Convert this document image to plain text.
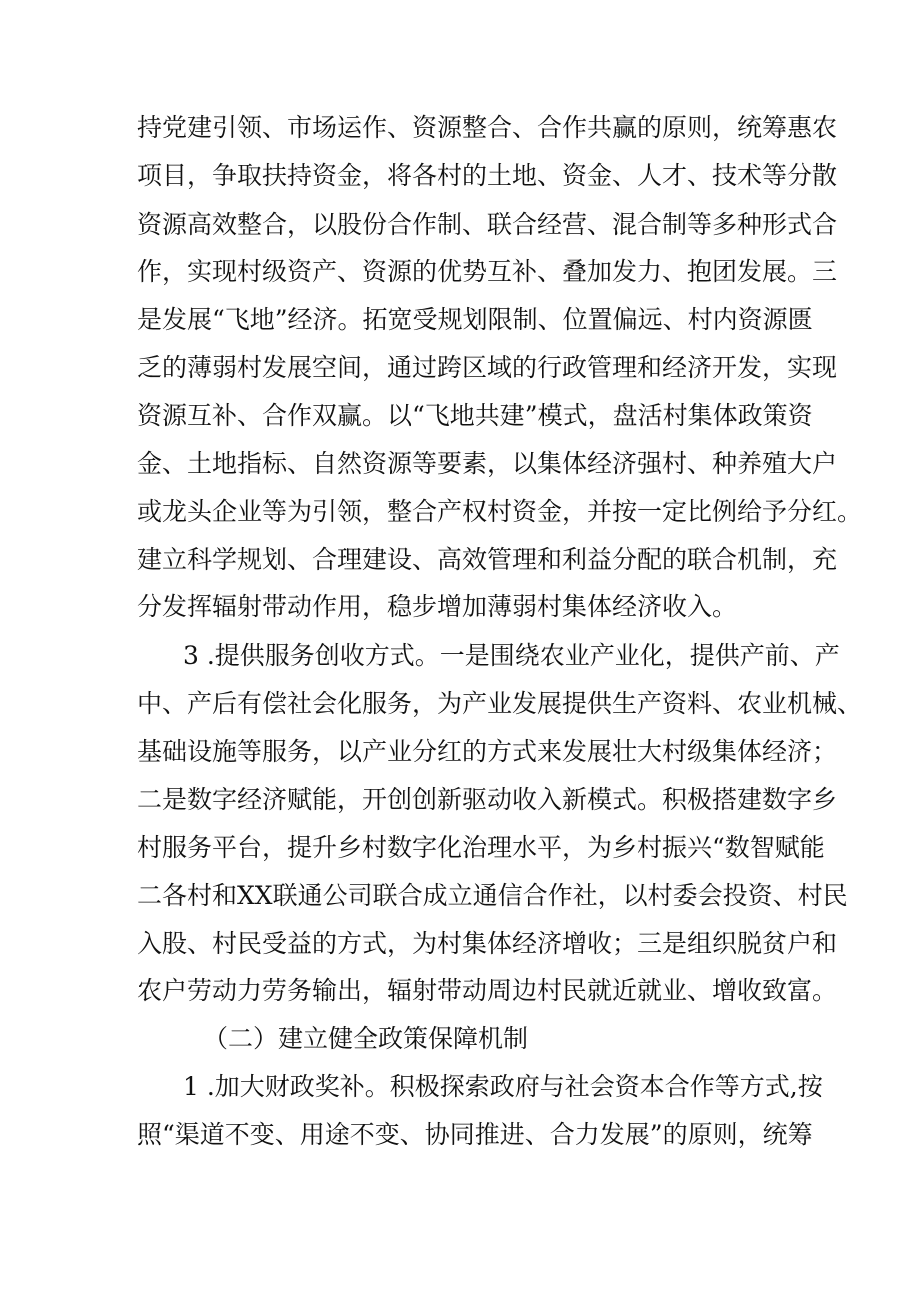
持党建引领、市场运作、资源整合、合作共赢的原则，统筹惠农
项目，争取扶持资金，将各村的土地、资金、人才、技术等分散
资源高效整合，以股份合作制、联合经营、混合制等多种形式合
作，实现村级资产、资源的优势互补、叠加发力、抱团发展。三
是发展“飞地”经济。拓宽受规划限制、位置偏远、村内资源匮
乏的薄弱村发展空间，通过跨区域的行政管理和经济开发，实现
资源互补、合作双赢。以“飞地共建”模式，盘活村集体政策资
金、土地指标、自然资源等要素，以集体经济强村、种养殖大户
或龙头企业等为引领，整合产权村资金，并按一定比例给予分红。
建立科学规划、合理建设、高效管理和利益分配的联合机制，充
分发挥辐射带动作用，稳步增加薄弱村集体经济收入。
3 .提供服务创收方式。一是围绕农业产业化，提供产前、产
中、产后有偿社会化服务，为产业发展提供生产资料、农业机械、
基础设施等服务，以产业分红的方式来发展壮大村级集体经济；
二是数字经济赋能，开创创新驱动收入新模式。积极搭建数字乡
村服务平台，提升乡村数字化治理水平，为乡村振兴“数智赋能
二各村和XX联通公司联合成立通信合作社，以村委会投资、村民
入股、村民受益的方式，为村集体经济增收；三是组织脱贫户和
农户劳动力劳务输出，辐射带动周边村民就近就业、增收致富。
（二）建立健全政策保障机制
1 .加大财政奖补。积极探索政府与社会资本合作等方式,按
照“渠道不变、用途不变、协同推进、合力发展”的原则，统筹
